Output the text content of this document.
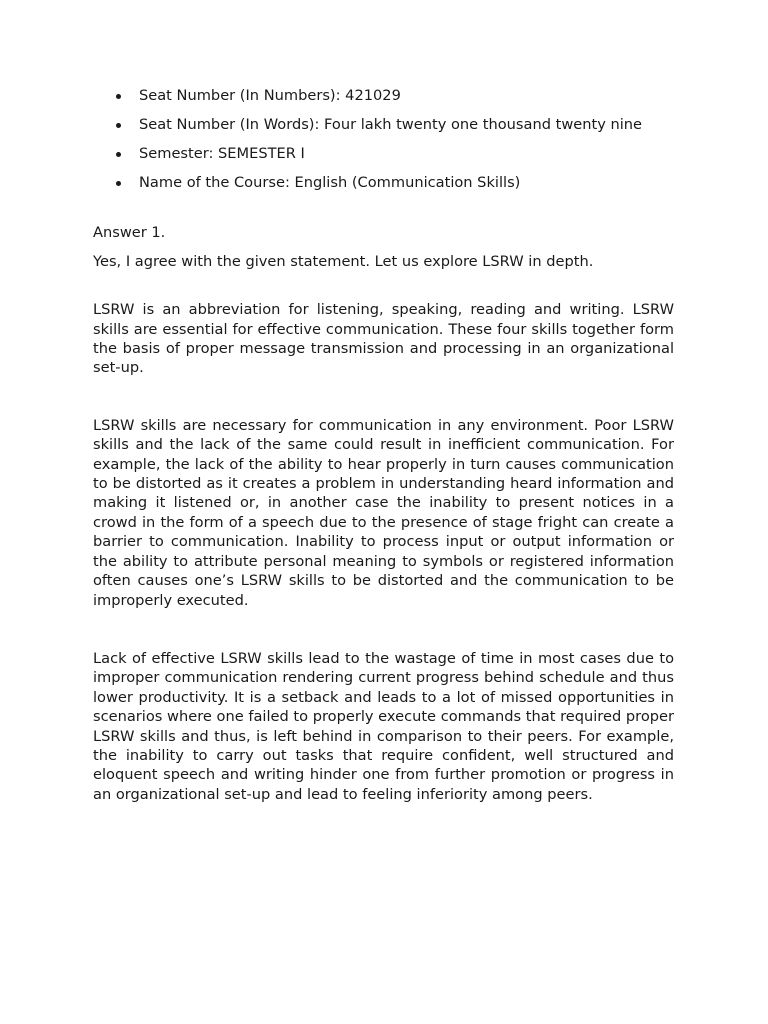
Seat Number (In Numbers): 421029
Seat Number (In Words): Four lakh twenty one thousand twenty nine
Semester: SEMESTER I
Name of the Course: English (Communication Skills)

Answer 1.

Yes, I agree with the given statement. Let us explore LSRW in depth.

LSRW is an abbreviation for listening, speaking, reading and writing. LSRW skills are essential for effective communication. These four skills together form the basis of proper message transmission and processing in an organizational set-up.

LSRW skills are necessary for communication in any environment. Poor LSRW skills and the lack of the same could result in inefficient communication. For example, the lack of the ability to hear properly in turn causes communication to be distorted as it creates a problem in understanding heard information and making it listened or, in another case the inability to present notices in a crowd in the form of a speech due to the presence of stage fright can create a barrier to communication. Inability to process input or output information or the ability to attribute personal meaning to symbols or registered information often causes one’s LSRW skills to be distorted and the communication to be improperly executed.

Lack of effective LSRW skills lead to the wastage of time in most cases due to improper communication rendering current progress behind schedule and thus lower productivity. It is a setback and leads to a lot of missed opportunities in scenarios where one failed to properly execute commands that required proper LSRW skills and thus, is left behind in comparison to their peers. For example, the inability to carry out tasks that require confident, well structured and eloquent speech and writing hinder one from further promotion or progress in an organizational set-up and lead to feeling inferiority among peers.
